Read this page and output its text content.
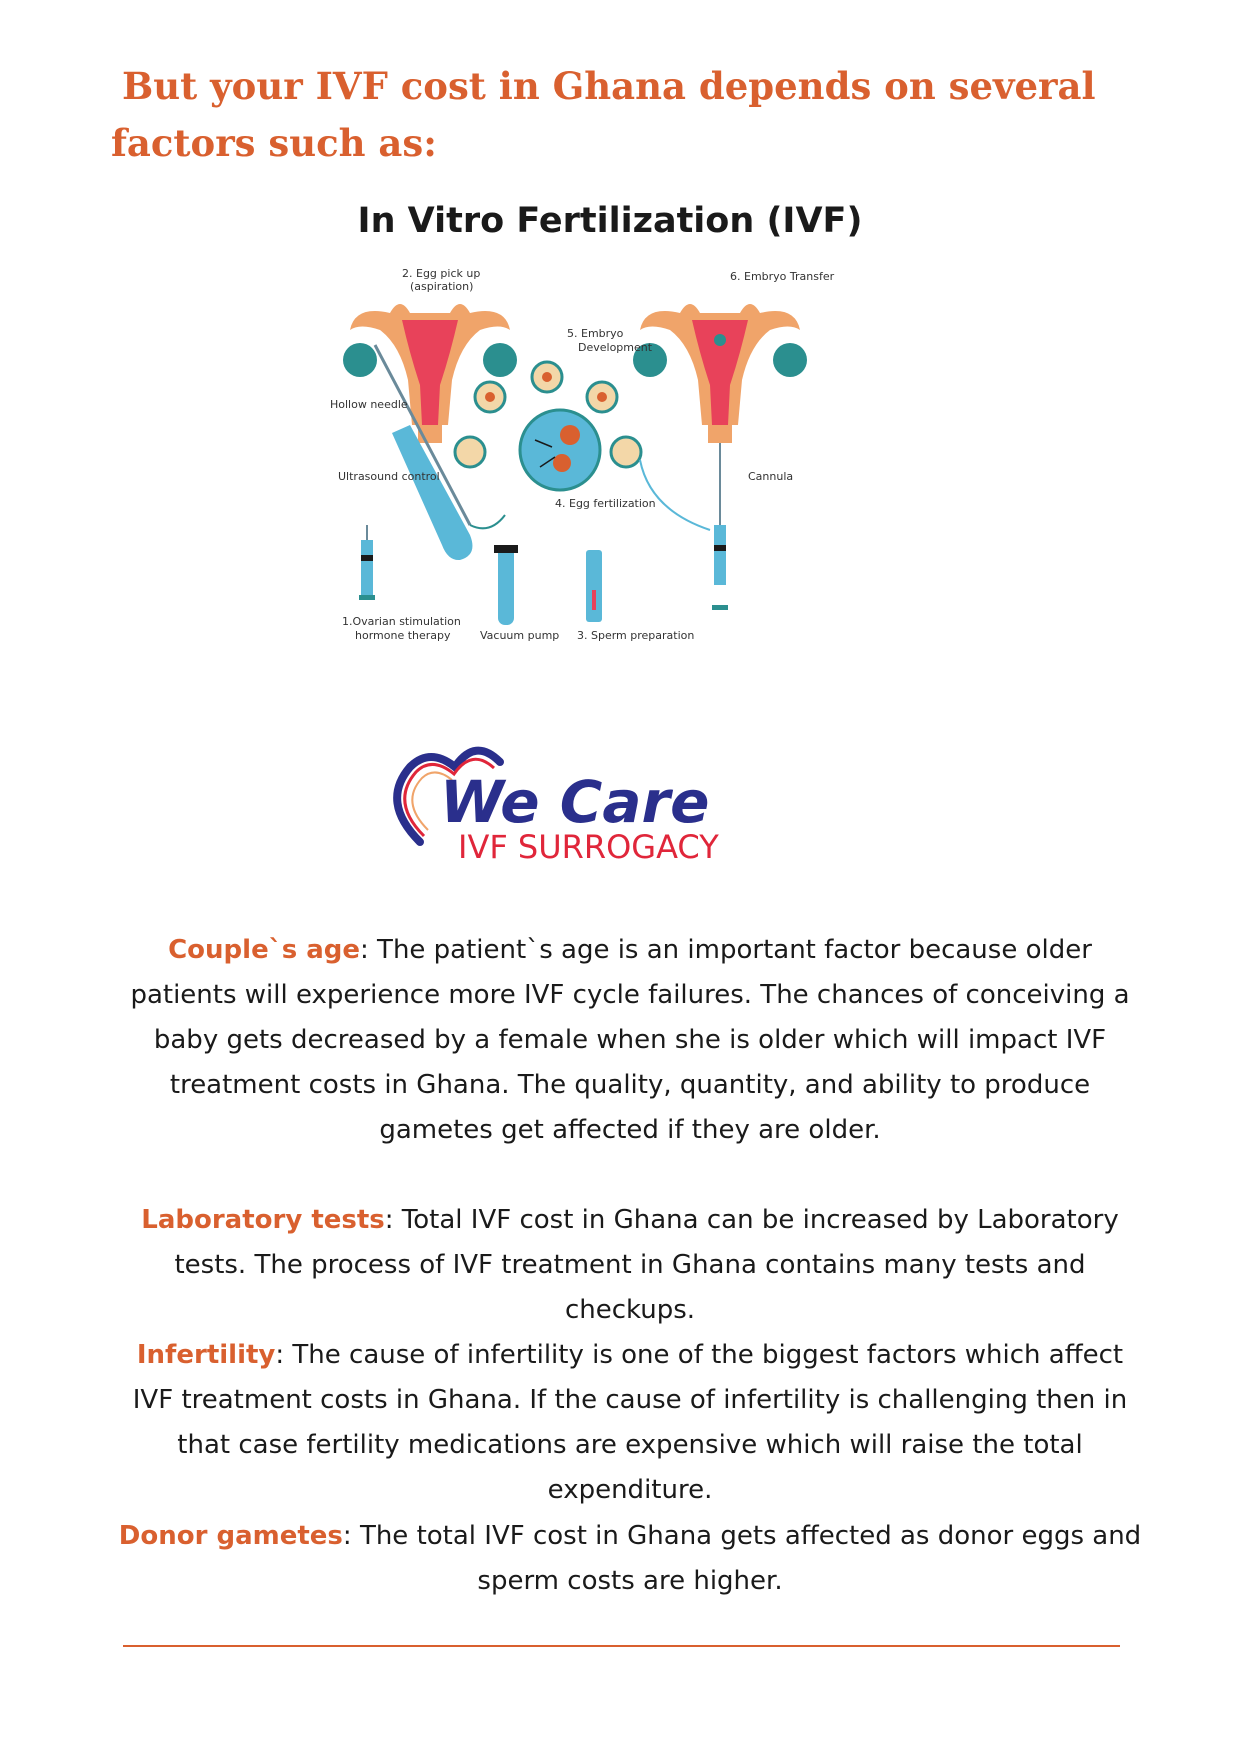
But your IVF cost in Ghana depends on several
factors such as:
In Vitro Fertilization (IVF)
2. Egg pick up
(aspiration)
6. Embryo Transfer
5. Embryo
Development
Hollow needle
Ultrasound control	Cannula
4. Egg fertilization
1.Ovarian stimulation
hormone therapy	Vacuum pump 3. Sperm preparation
We Care
IVF SURROGACY

Couple`s age: The patient`s age is an important factor because older patients will experience more IVF cycle failures. The chances of conceiving a baby gets decreased by a female when she is older which will impact IVF treatment costs in Ghana. The quality, quantity, and ability to produce gametes get affected if they are older.

Laboratory tests: Total IVF cost in Ghana can be increased by Laboratory tests. The process of IVF treatment in Ghana contains many tests and checkups.

Infertility: The cause of infertility is one of the biggest factors which affect IVF treatment costs in Ghana. If the cause of infertility is challenging then in that case fertility medications are expensive which will raise the total expenditure.

Donor gametes: The total IVF cost in Ghana gets affected as donor eggs and sperm costs are higher.
